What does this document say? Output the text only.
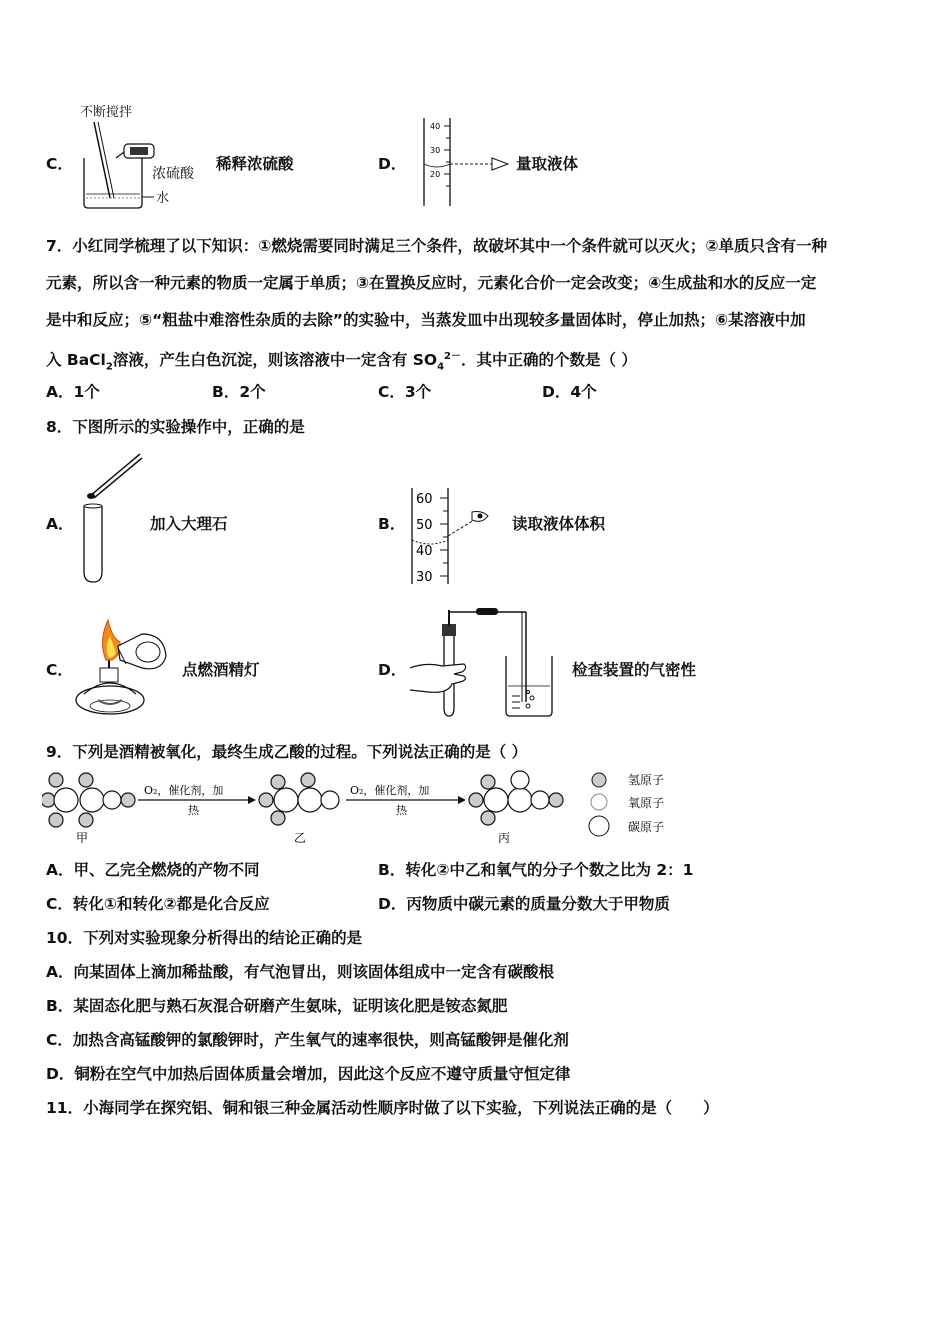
C．
不断搅拌
浓硫酸
水
稀释浓硫酸	D．
40
30
20
量取液体
7．小红同学梳理了以下知识：①燃烧需要同时满足三个条件，故破坏其中一个条件就可以灭火；②单质只含有一种
元素，所以含一种元素的物质一定属于单质；③在置换反应时，元素化合价一定会改变；④生成盐和水的反应一定
是中和反应；⑤“粗盐中难溶性杂质的去除”的实验中，当蒸发皿中出现较多量固体时，停止加热；⑥某溶液中加
入 BaCl$_2$溶液，产生白色沉淀，则该溶液中一定含有 $SO_4^{2-}$．其中正确的个数是（ ）
A．1个	B．2个	C．3个	D．4个
8．下图所示的实验操作中，正确的是
A．	加入大理石	B．
60
50
40
30
读取液体体积
C．	点燃酒精灯	D．	检查装置的气密性
9．下列是酒精被氧化，最终生成乙酸的过程。下列说法正确的是（ ）
甲
O₂，催化剂，加
热
乙
O₂，催化剂，加
热
丙
氢原子
氧原子
碳原子
A．甲、乙完全燃烧的产物不同	B．转化②中乙和氧气的分子个数之比为 2：1
C．转化①和转化②都是化合反应	D．丙物质中碳元素的质量分数大于甲物质
10．下列对实验现象分析得出的结论正确的是
A．向某固体上滴加稀盐酸，有气泡冒出，则该固体组成中一定含有碳酸根
B．某固态化肥与熟石灰混合研磨产生氨味，证明该化肥是铵态氮肥
C．加热含高锰酸钾的氯酸钾时，产生氧气的速率很快，则高锰酸钾是催化剂
D．铜粉在空气中加热后固体质量会增加，因此这个反应不遵守质量守恒定律
11．小海同学在探究铝、铜和银三种金属活动性顺序时做了以下实验，下列说法正确的是（　　）
